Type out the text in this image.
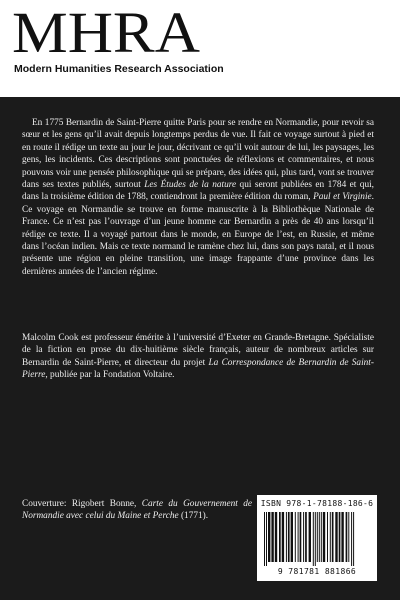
MHRA
Modern Humanities Research Association
En 1775 Bernardin de Saint-Pierre quitte Paris pour se rendre en Normandie, pour revoir sa sœur et les gens qu’il avait depuis longtemps perdus de vue. Il fait ce voyage surtout à pied et en route il rédige un texte au jour le jour, décrivant ce qu’il voit autour de lui, les paysages, les gens, les incidents. Ces descriptions sont ponctuées de réflexions et commentaires, et nous pouvons voir une pensée philosophique qui se prépare, des idées qui, plus tard, vont se trouver dans ses textes publiés, surtout Les Études de la nature qui seront publiées en 1784 et qui, dans la troisième édition de 1788, contiendront la première édition du roman, Paul et Virginie. Ce voyage en Normandie se trouve en forme manuscrite à la Bibliothèque Nationale de France. Ce n’est pas l’ouvrage d’un jeune homme car Bernardin a près de 40 ans lorsqu’il rédige ce texte. Il a voyagé partout dans le monde, en Europe de l’est, en Russie, et même dans l’océan indien. Mais ce texte normand le ramène chez lui, dans son pays natal, et il nous présente une région en pleine transition, une image frappante d’une province dans les dernières années de l’ancien régime.
Malcolm Cook est professeur émérite à l’université d’Exeter en Grande-Bretagne. Spécialiste de la fiction en prose du dix-huitième siècle français, auteur de nombreux articles sur Bernardin de Saint-Pierre, et directeur du projet La Correspondance de Bernardin de Saint-Pierre, publiée par la Fondation Voltaire.
Couverture: Rigobert Bonne, Carte du Gouvernement de Normandie avec celui du Maine et Perche (1771).
ISBN 978-1-78188-186-6
9 781781 881866
